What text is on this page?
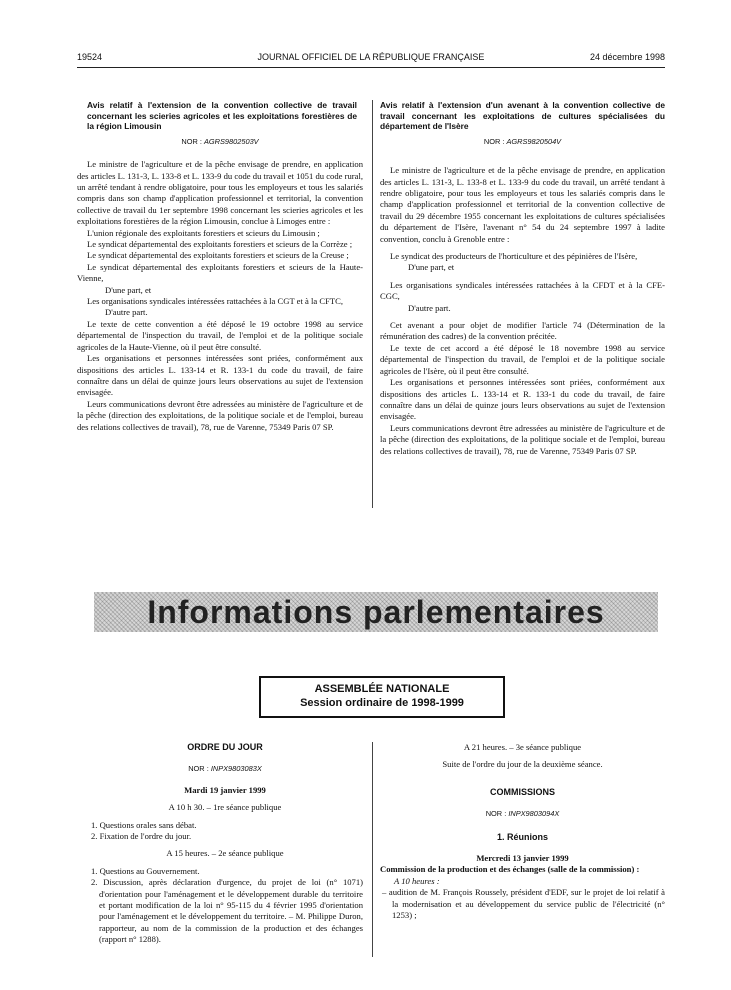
19524	JOURNAL OFFICIEL DE LA RÉPUBLIQUE FRANÇAISE	24 décembre 1998

Avis relatif à l'extension de la convention collective de travail concernant les scieries agricoles et les exploitations forestières de la région Limousin

NOR : AGRS9802503V

Le ministre de l'agriculture et de la pêche envisage de prendre, en application des articles L. 131-3, L. 133-8 et L. 133-9 du code du travail et 1051 du code rural, un arrêté tendant à rendre obligatoire, pour tous les employeurs et tous les salariés compris dans son champ d'application professionnel et territorial, la convention collective de travail du 1er septembre 1998 concernant les scieries agricoles et les exploitations forestières de la région Limousin, conclue à Limoges entre :

L'union régionale des exploitants forestiers et scieurs du Limousin ;

Le syndicat départemental des exploitants forestiers et scieurs de la Corrèze ;

Le syndicat départemental des exploitants forestiers et scieurs de la Creuse ;

Le syndicat départemental des exploitants forestiers et scieurs de la Haute-Vienne,

D'une part, et

Les organisations syndicales intéressées rattachées à la CGT et à la CFTC,

D'autre part.

Le texte de cette convention a été déposé le 19 octobre 1998 au service départemental de l'inspection du travail, de l'emploi et de la politique sociale agricoles de la Haute-Vienne, où il peut être consulté.

Les organisations et personnes intéressées sont priées, conformément aux dispositions des articles L. 133-14 et R. 133-1 du code du travail, de faire connaître dans un délai de quinze jours leurs observations au sujet de l'extension envisagée.

Leurs communications devront être adressées au ministère de l'agriculture et de la pêche (direction des exploitations, de la politique sociale et de l'emploi, bureau des relations collectives de travail), 78, rue de Varenne, 75349 Paris 07 SP.

Avis relatif à l'extension d'un avenant à la convention collective de travail concernant les exploitations de cultures spécialisées du département de l'Isère

NOR : AGRS9820504V

Le ministre de l'agriculture et de la pêche envisage de prendre, en application des articles L. 131-3, L. 133-8 et L. 133-9 du code du travail, un arrêté tendant à rendre obligatoire, pour tous les employeurs et tous les salariés compris dans le champ d'application professionnel et territorial de la convention collective de travail du 29 décembre 1955 concernant les exploitations de cultures spécialisées du département de l'Isère, l'avenant n° 54 du 24 septembre 1997 à ladite convention, conclu à Grenoble entre :

Le syndicat des producteurs de l'horticulture et des pépinières de l'Isère,

D'une part, et

Les organisations syndicales intéressées rattachées à la CFDT et à la CFE-CGC,

D'autre part.

Cet avenant a pour objet de modifier l'article 74 (Détermination de la rémunération des cadres) de la convention précitée.

Le texte de cet accord a été déposé le 18 novembre 1998 au service départemental de l'inspection du travail, de l'emploi et de la politique sociale agricoles de l'Isère, où il peut être consulté.

Les organisations et personnes intéressées sont priées, conformément aux dispositions des articles L. 133-14 et R. 133-1 du code du travail, de faire connaître dans un délai de quinze jours leurs observations au sujet de l'extension envisagée.

Leurs communications devront être adressées au ministère de l'agriculture et de la pêche (direction des exploitations, de la politique sociale et de l'emploi, bureau des relations collectives de travail), 78, rue de Varenne, 75349 Paris 07 SP.

Informations parlementaires
ASSEMBLÉE NATIONALE
Session ordinaire de 1998-1999

ORDRE DU JOUR

NOR : INPX9803083X

Mardi 19 janvier 1999

A 10 h 30. – 1re séance publique

1. Questions orales sans débat.

2. Fixation de l'ordre du jour.

A 15 heures. – 2e séance publique

1. Questions au Gouvernement.

2. Discussion, après déclaration d'urgence, du projet de loi (n° 1071) d'orientation pour l'aménagement et le développement durable du territoire et portant modification de la loi n° 95-115 du 4 février 1995 d'orientation pour l'aménagement et le développement du territoire. – M. Philippe Duron, rapporteur, au nom de la commission de la production et des échanges (rapport n° 1288).

A 21 heures. – 3e séance publique

Suite de l'ordre du jour de la deuxième séance.

COMMISSIONS

NOR : INPX9803094X

1. Réunions

Mercredi 13 janvier 1999

Commission de la production et des échanges (salle de la commission) :

A 10 heures :

– audition de M. François Roussely, président d'EDF, sur le projet de loi relatif à la modernisation et au développement du service public de l'électricité (n° 1253) ;
